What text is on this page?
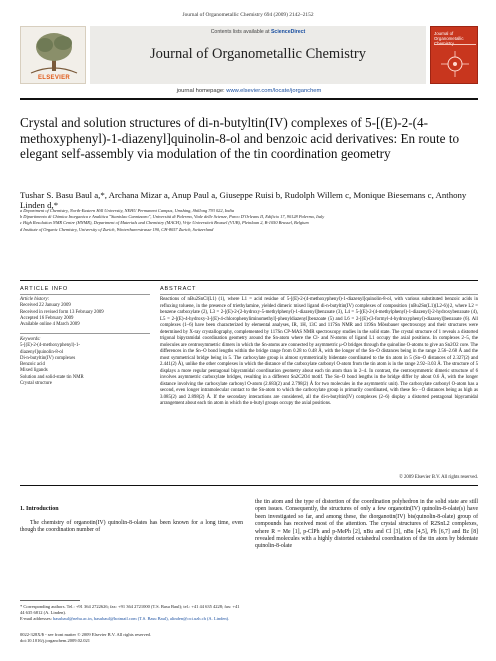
Journal of Organometallic Chemistry 694 (2009) 2142–2152
ELSEVIER
Contents lists available at ScienceDirect
Journal of Organometallic Chemistry
Journal of Organometallic
journal homepage: www.elsevier.com/locate/jorganchem
Crystal and solution structures of di-n-butyltin(IV) complexes of 5-[(E)-2-(4-methoxyphenyl)-1-diazenyl]quinolin-8-ol and benzoic acid derivatives: En route to elegant self-assembly via modulation of the tin coordination geometry
Tushar S. Basu Baul a,*, Archana Mizar a, Anup Paul a, Giuseppe Ruisi b, Rudolph Willem c, Monique Biesemans c, Anthony Linden d,*
a Department of Chemistry, North-Eastern Hill University, NEHU Permanent Campus, Umshing, Shillong 793 022, India
b Dipartimento di Chimica Inorganica e Analitica "Stanislao Cannizzaro", Università di Palermo, Viale delle Scienze, Parco D'Orleans II, Edificio 17, 90128 Palermo, Italy
c High Resolution NMR Centre (HNMR), Department of Materials and Chemistry (MACH), Vrije Universiteit Brussel (VUB), Pleinlaan 2, B-1050 Brussel, Belgium
d Institute of Organic Chemistry, University of Zurich, Winterthurerstrasse 190, CH-8057 Zurich, Switzerland
ARTICLE INFO	ABSTRACT
Article history:
Received 22 January 2009
Received in revised form 13 February 2009
Accepted 16 February 2009
Available online 4 March 2009
Keywords:
5-[(E)-2-(4-methoxyphenyl)-1-
diazenyl]quinolin-8-ol
Di-n-butyltin(IV) complexes
Benzoic acid
Mixed ligands
Solution and solid-state tin NMR
Crystal structure
Reactions of nBu2SnCl(L1) (1), where L1 = acid residue of 5-[(E)-2-(4-methoxyphenyl)-1-diazenyl]quinolin-8-ol, with various substituted benzoic acids in refluxing toluene, in the presence of triethylamine, yielded dimeric mixed ligand di-n-butyltin(IV) complexes of composition {nBu2Sn(L1)(L2-6)}2, where L2 = benzene carboxylate (2), L3 = 2-[(E)-2-(2-hydroxy-5-methylphenyl)-1-diazenyl]benzoate (3), L4 = 5-[(E)-2-(4-methylphenyl)-1-diazenyl]-2-hydroxybenzoate (4), L5 = 2-[(E)-4-hydroxy-3-[(E)-4-chlorophenyliminomethyl]-phenyldiazenyl]benzoate (5) and L6 = 2-[(E)-(3-formyl-4-hydroxyphenyl)-diazenyl]benzoate (6). All complexes (1–6) have been characterized by elemental analyses, IR, 1H, 13C and 117Sn NMR and 119Sn Mössbauer spectroscopy and their structures were determined by X-ray crystallography, complemented by 117Sn CP-MAS NMR spectroscopy studies in the solid state. The crystal structure of 1 reveals a distorted trigonal bipyramidal coordination geometry around the Sn-atom where the Cl- and N-atoms of ligand L1 occupy the axial positions. In complexes 2–5, the molecules are centrosymmetric dimers in which the Sn-atoms are connected by asymmetric μ-O bridges through the quinoline O-atoms to give an Sn2O2 core. The differences in the Sn–O bond lengths within the bridge range from 0.28 to 0.48 Å, with the longer of the Sn–O distances being in the range 2.56–2.68 Å and the most symmetrical bridge being in 5. The carboxylate group is almost symmetrically bidentate coordinated to the tin atom in 5 (Sn–O distances of 2.327(2) and 2.441(2) Å), unlike the other complexes in which the distance of the carboxylate carbonyl O-atom from the tin atom is in the range 2.92–3.03 Å. The structure of 5 displays a more regular pentagonal bipyramidal coordination geometry about each tin atom than in 2–4. In contrast, the centrosymmetric dimeric structure of 6 involves asymmetric carboxylate bridges, resulting in a different Sn2C2O4 motif. The Sn–O bond lengths in the bridge differ by about 0.6 Å, with the longer distance involving the carboxylate carbonyl O-atom (2.683(2) and 2.798(2) Å for two molecules in the asymmetric unit). The carboxylate carbonyl O-atom has a second, even longer intramolecular contact to the Sn-atom to which the carboxylate group is primarily coordinated, with these Sn···O distances being as high as 3.085(2) and 2.898(2) Å. If the secondary interactions are considered, all the di-n-butyltin(IV) complexes (2–6) display a distorted pentagonal bipyramidal arrangement about each tin atom in which the n-butyl groups occupy the axial positions.
© 2009 Elsevier B.V. All rights reserved.
1. Introduction
The chemistry of organotin(IV) quinolin-8-olates has been known for a long time, even though the coordination number of
the tin atom and the type of distortion of the coordination polyhedron in the solid state are still open issues. Consequently, the structures of only a few organotin(IV) quinolin-8-olate(s) have been investigated so far, and among these, the diorganotin(IV) bis(quinolin-8-olate) group of compounds has received most of the attention. The crystal structures of R2SnL2 complexes, where R = Me [1], p-ClPh and p-MePh [2], nBu and Cl [3], nBu [4,5], Ph [6,7] and Bz [8] revealed molecules with a highly distorted octahedral coordination of the tin atom by bidentate quinolin-8-olate
* Corresponding authors. Tel.: +91 364 2722626; fax: +91 364 2721000 (T.S. Basu Baul); tel.: +41 44 635 4228; fax: +41 44 635 6812 (A. Linden).
E-mail addresses: basubaul@nehu.ac.in, basubaul@hotmail.com (T.S. Basu Baul), alinden@oci.uzh.ch (A. Linden).
0022-328X/$ - see front matter © 2009 Elsevier B.V. All rights reserved.
doi:10.1016/j.jorganchem.2009.02.021
